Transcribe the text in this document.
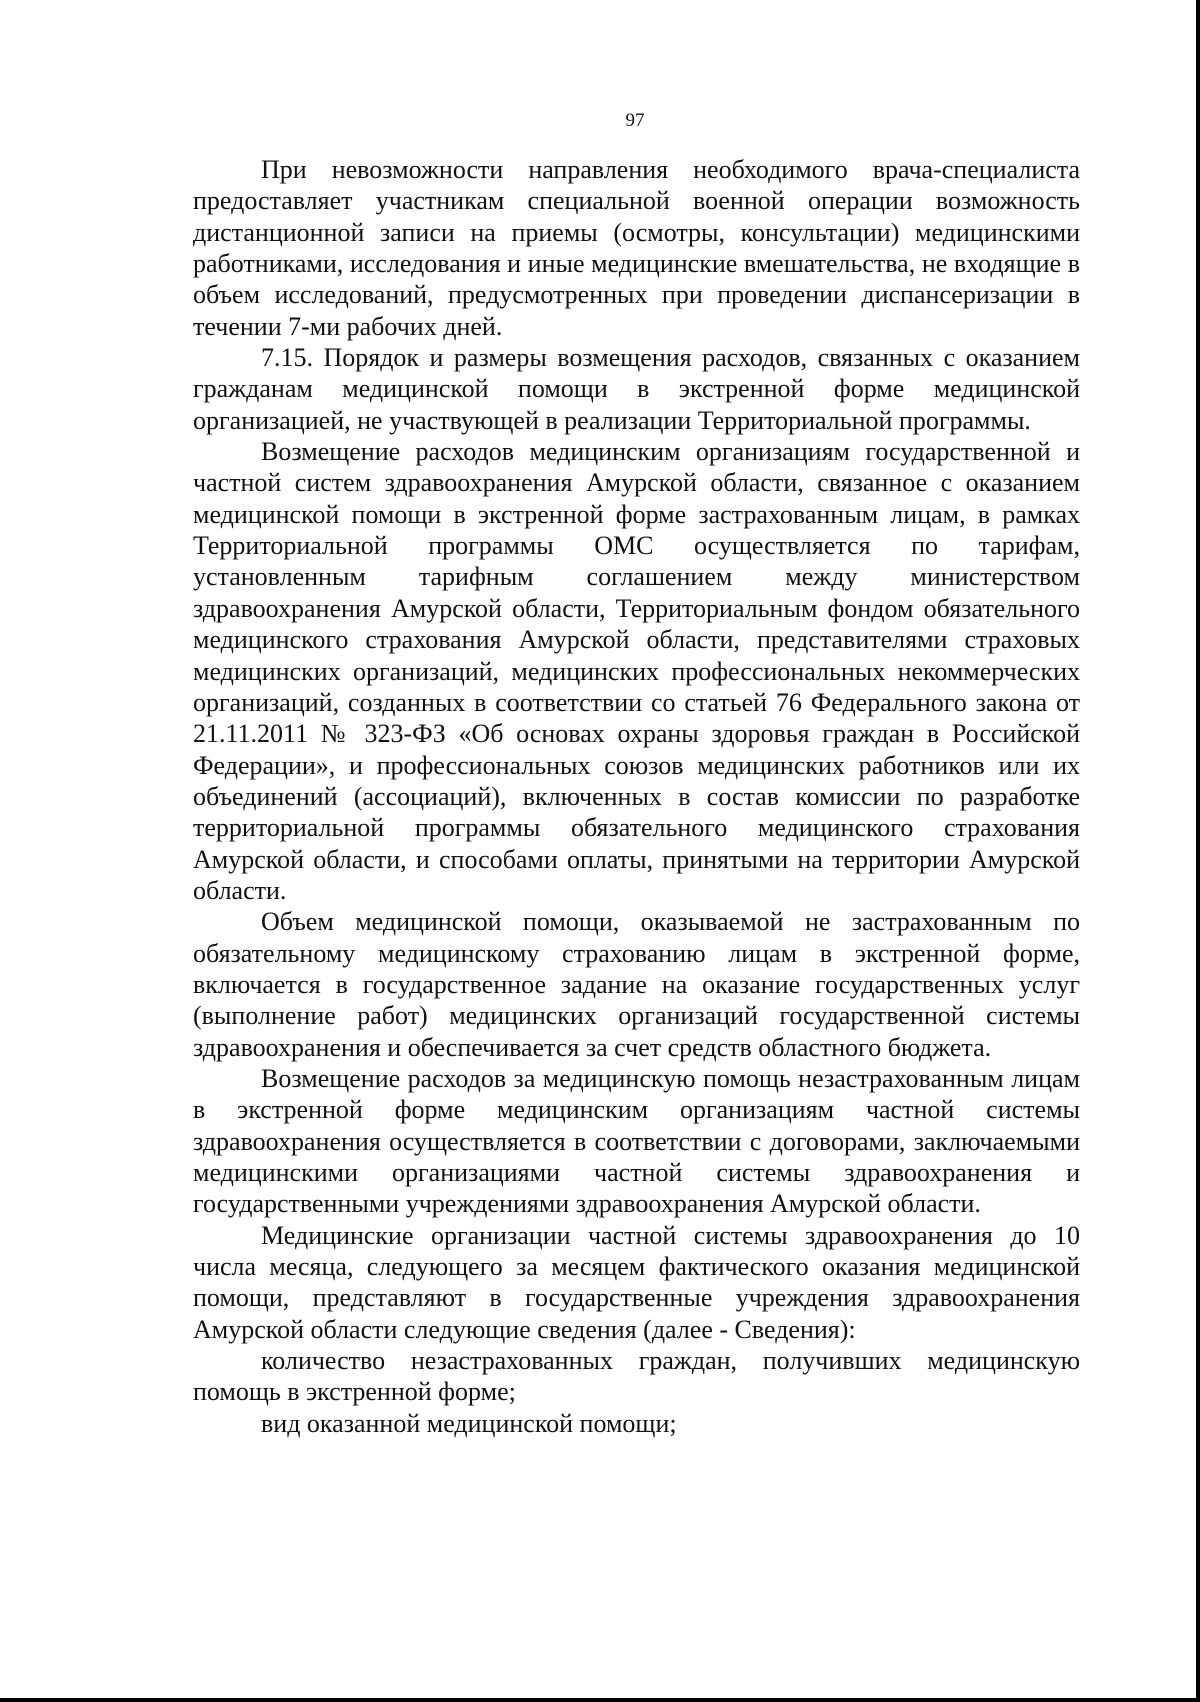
97

При невозможности направления необходимого врача-специалиста предоставляет участникам специальной военной операции возможность дистанционной записи на приемы (осмотры, консультации) медицинскими работниками, исследования и иные медицинские вмешательства, не входящие в объем исследований, предусмотренных при проведении диспансеризации в течении 7-ми рабочих дней.

7.15. Порядок и размеры возмещения расходов, связанных с оказанием гражданам медицинской помощи в экстренной форме медицинской организацией, не участвующей в реализации Территориальной программы.

Возмещение расходов медицинским организациям государственной и частной систем здравоохранения Амурской области, связанное с оказанием медицинской помощи в экстренной форме застрахованным лицам, в рамках Территориальной программы ОМС осуществляется по тарифам, установленным тарифным соглашением между министерством здравоохранения Амурской области, Территориальным фондом обязательного медицинского страхования Амурской области, представителями страховых медицинских организаций, медицинских профессиональных некоммерческих организаций, созданных в соответствии со статьей 76 Федерального закона от 21.11.2011 № 323-ФЗ «Об основах охраны здоровья граждан в Российской Федерации», и профессиональных союзов медицинских работников или их объединений (ассоциаций), включенных в состав комиссии по разработке территориальной программы обязательного медицинского страхования Амурской области, и способами оплаты, принятыми на территории Амурской области.

Объем медицинской помощи, оказываемой не застрахованным по обязательному медицинскому страхованию лицам в экстренной форме, включается в государственное задание на оказание государственных услуг (выполнение работ) медицинских организаций государственной системы здравоохранения и обеспечивается за счет средств областного бюджета.

Возмещение расходов за медицинскую помощь незастрахованным лицам в экстренной форме медицинским организациям частной системы здравоохранения осуществляется в соответствии с договорами, заключаемыми медицинскими организациями частной системы здравоохранения и государственными учреждениями здравоохранения Амурской области.

Медицинские организации частной системы здравоохранения до 10 числа месяца, следующего за месяцем фактического оказания медицинской помощи, представляют в государственные учреждения здравоохранения Амурской области следующие сведения (далее - Сведения):

количество незастрахованных граждан, получивших медицинскую помощь в экстренной форме;

вид оказанной медицинской помощи;
